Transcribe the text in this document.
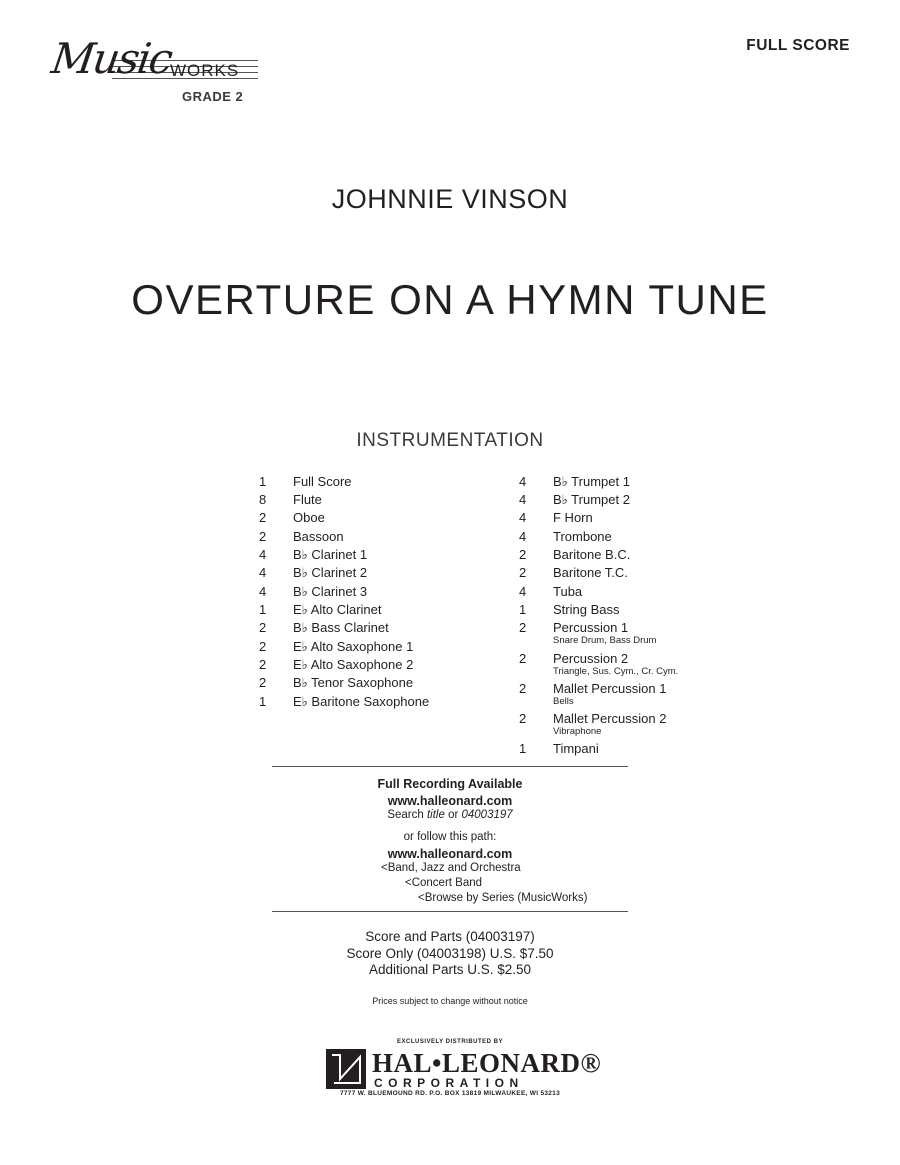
Music
WORKS
GRADE 2
FULL SCORE
JOHNNIE VINSON
OVERTURE ON A HYMN TUNE
INSTRUMENTATION
1	Full Score
8	Flute
2	Oboe
2	Bassoon
4	B♭ Clarinet 1
4	B♭ Clarinet 2
4	B♭ Clarinet 3
1	E♭ Alto Clarinet
2	B♭ Bass Clarinet
2	E♭ Alto Saxophone 1
2	E♭ Alto Saxophone 2
2	B♭ Tenor Saxophone
1	E♭ Baritone Saxophone
4	B♭ Trumpet 1
4	B♭ Trumpet 2
4	F Horn
4	Trombone
2	Baritone B.C.
2	Baritone T.C.
4	Tuba
1	String Bass
2	Percussion 1
Snare Drum, Bass Drum
2	Percussion 2
Triangle, Sus. Cym., Cr. Cym.
2	Mallet Percussion 1
Bells
2	Mallet Percussion 2
Vibraphone
1	Timpani
Full Recording Available
www.halleonard.com
Search title or 04003197
or follow this path:
www.halleonard.com
<Band, Jazz and Orchestra
<Concert Band
<Browse by Series (MusicWorks)
Score and Parts (04003197)
Score Only (04003198) U.S. $7.50
Additional Parts U.S. $2.50
Prices subject to change without notice
EXCLUSIVELY DISTRIBUTED BY
HAL•LEONARD®
CORPORATION
7777 W. BLUEMOUND RD. P.O. BOX 13819 MILWAUKEE, WI 53213
